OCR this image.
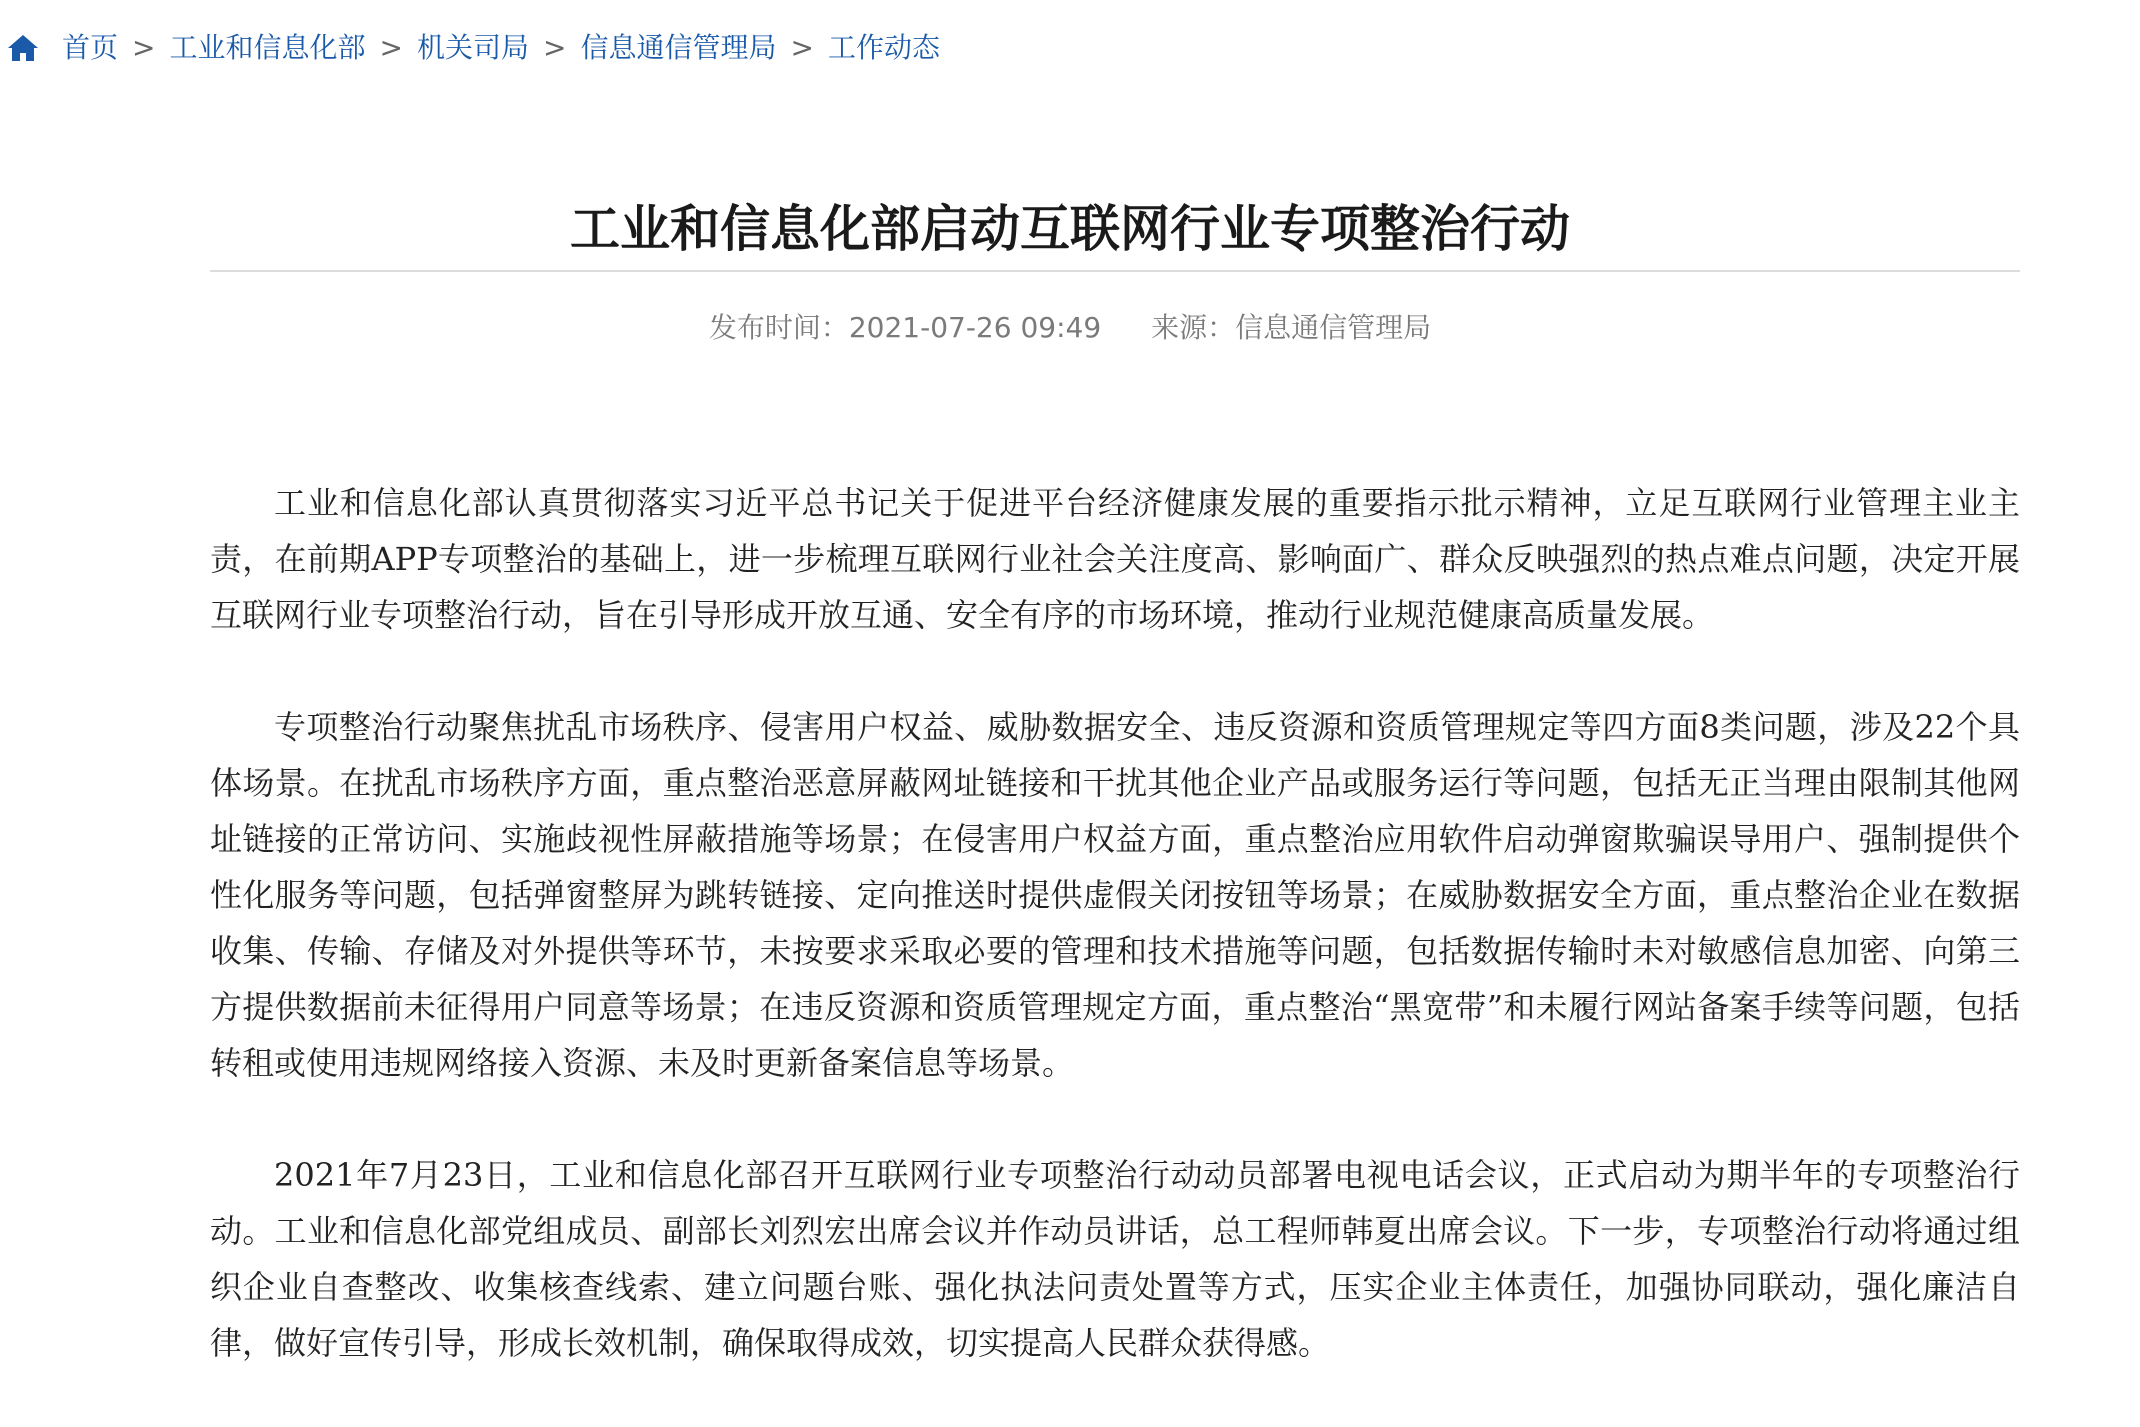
首页 > 工业和信息化部 > 机关司局 > 信息通信管理局 > 工作动态
工业和信息化部启动互联网行业专项整治行动
发布时间：2021-07-26 09:49 来源：信息通信管理局

工业和信息化部认真贯彻落实习近平总书记关于促进平台经济健康发展的重要指示批示精神，立足互联网行业管理主业主责，在前期APP专项整治的基础上，进一步梳理互联网行业社会关注度高、影响面广、群众反映强烈的热点难点问题，决定开展互联网行业专项整治行动，旨在引导形成开放互通、安全有序的市场环境，推动行业规范健康高质量发展。

专项整治行动聚焦扰乱市场秩序、侵害用户权益、威胁数据安全、违反资源和资质管理规定等四方面8类问题，涉及22个具体场景。在扰乱市场秩序方面，重点整治恶意屏蔽网址链接和干扰其他企业产品或服务运行等问题，包括无正当理由限制其他网址链接的正常访问、实施歧视性屏蔽措施等场景；在侵害用户权益方面，重点整治应用软件启动弹窗欺骗误导用户、强制提供个性化服务等问题，包括弹窗整屏为跳转链接、定向推送时提供虚假关闭按钮等场景；在威胁数据安全方面，重点整治企业在数据收集、传输、存储及对外提供等环节，未按要求采取必要的管理和技术措施等问题，包括数据传输时未对敏感信息加密、向第三方提供数据前未征得用户同意等场景；在违反资源和资质管理规定方面，重点整治“黑宽带”和未履行网站备案手续等问题，包括转租或使用违规网络接入资源、未及时更新备案信息等场景。

2021年7月23日，工业和信息化部召开互联网行业专项整治行动动员部署电视电话会议，正式启动为期半年的专项整治行动。工业和信息化部党组成员、副部长刘烈宏出席会议并作动员讲话，总工程师韩夏出席会议。下一步，专项整治行动将通过组织企业自查整改、收集核查线索、建立问题台账、强化执法问责处置等方式，压实企业主体责任，加强协同联动，强化廉洁自律，做好宣传引导，形成长效机制，确保取得成效，切实提高人民群众获得感。
